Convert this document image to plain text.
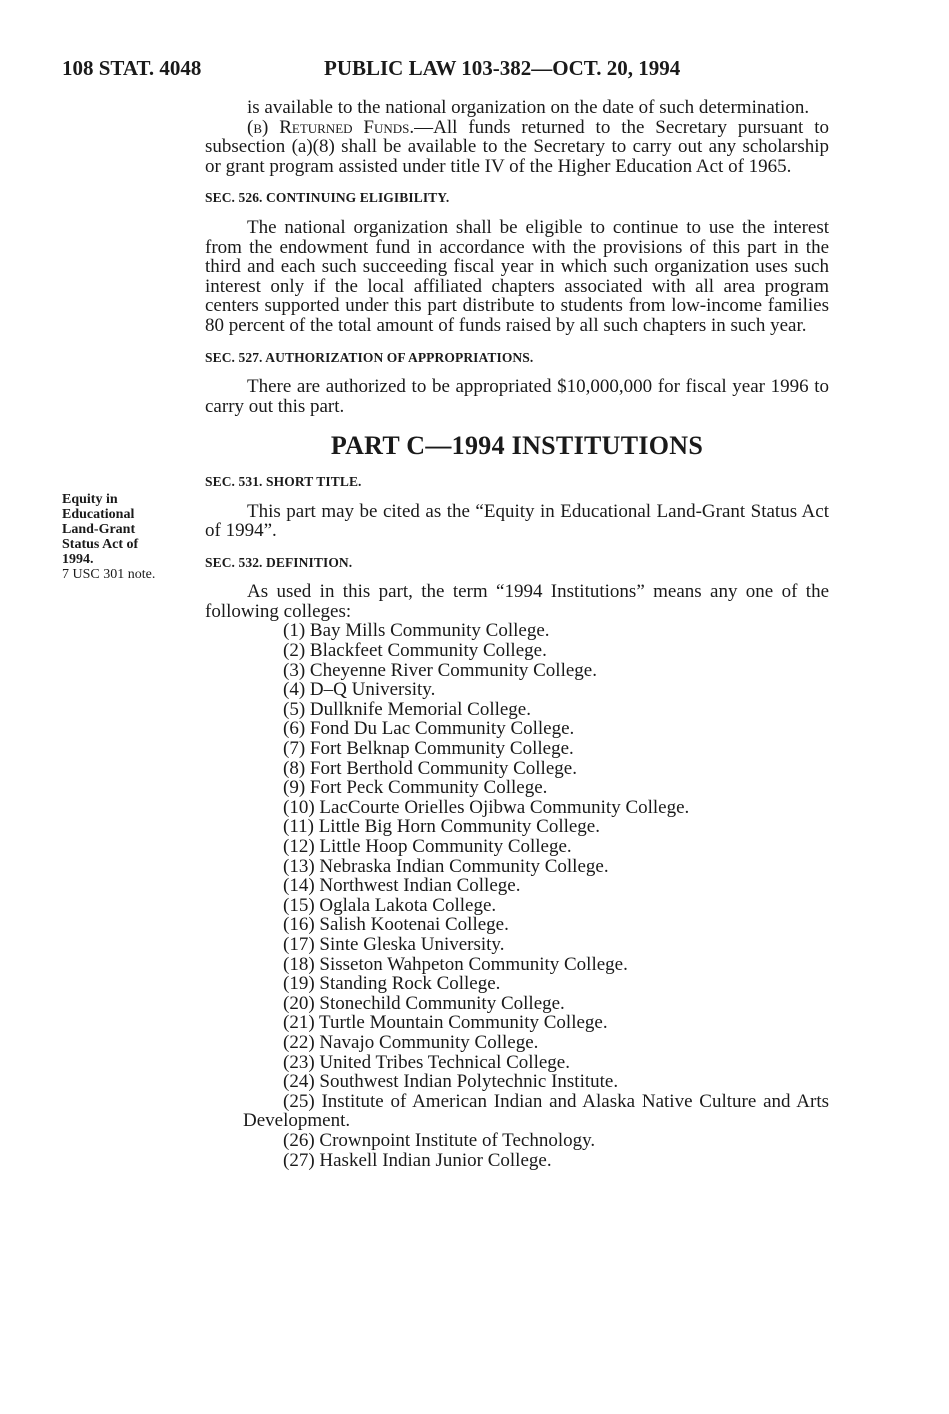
108 STAT. 4048	PUBLIC LAW 103-382—OCT. 20, 1994
Equity in
Educational
Land-Grant
Status Act of
1994.
7 USC 301 note.

is available to the national organization on the date of such determination.

(b) Returned Funds.—All funds returned to the Secretary pursuant to subsection (a)(8) shall be available to the Secretary to carry out any scholarship or grant program assisted under title IV of the Higher Education Act of 1965.

SEC. 526. CONTINUING ELIGIBILITY.

The national organization shall be eligible to continue to use the interest from the endowment fund in accordance with the provisions of this part in the third and each such succeeding fiscal year in which such organization uses such interest only if the local affiliated chapters associated with all area program centers supported under this part distribute to students from low-income families 80 percent of the total amount of funds raised by all such chapters in such year.

SEC. 527. AUTHORIZATION OF APPROPRIATIONS.

There are authorized to be appropriated $10,000,000 for fiscal year 1996 to carry out this part.

PART C—1994 INSTITUTIONS
SEC. 531. SHORT TITLE.

This part may be cited as the “Equity in Educational Land-Grant Status Act of 1994”.

SEC. 532. DEFINITION.

As used in this part, the term “1994 Institutions” means any one of the following colleges:

(1) Bay Mills Community College.
(2) Blackfeet Community College.
(3) Cheyenne River Community College.
(4) D–Q University.
(5) Dullknife Memorial College.
(6) Fond Du Lac Community College.
(7) Fort Belknap Community College.
(8) Fort Berthold Community College.
(9) Fort Peck Community College.
(10) LacCourte Orielles Ojibwa Community College.
(11) Little Big Horn Community College.
(12) Little Hoop Community College.
(13) Nebraska Indian Community College.
(14) Northwest Indian College.
(15) Oglala Lakota College.
(16) Salish Kootenai College.
(17) Sinte Gleska University.
(18) Sisseton Wahpeton Community College.
(19) Standing Rock College.
(20) Stonechild Community College.
(21) Turtle Mountain Community College.
(22) Navajo Community College.
(23) United Tribes Technical College.
(24) Southwest Indian Polytechnic Institute.
(25) Institute of American Indian and Alaska Native Culture and Arts Development.
(26) Crownpoint Institute of Technology.
(27) Haskell Indian Junior College.
